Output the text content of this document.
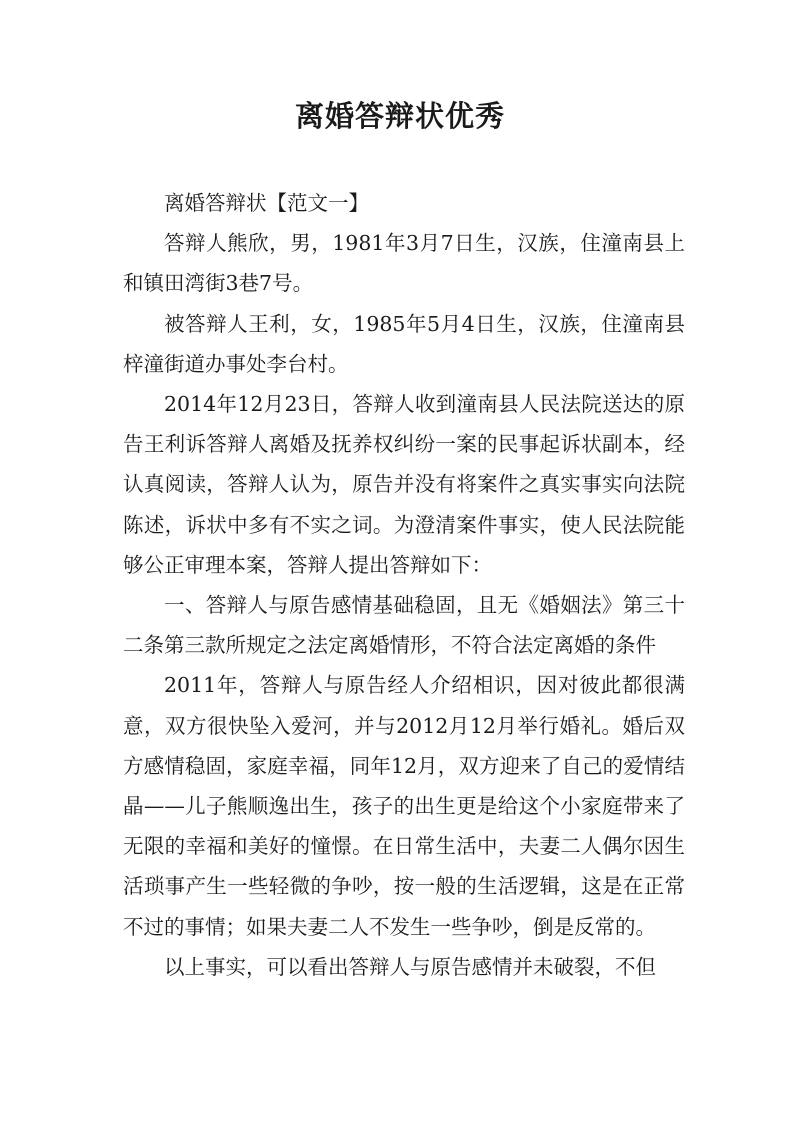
离婚答辩状优秀

离婚答辩状【范文一】

答辩人熊欣，男，1981年3月7日生，汉族，住潼南县上和镇田湾街3巷7号。

被答辩人王利，女，1985年5月4日生，汉族，住潼南县梓潼街道办事处李台村。

2014年12月23日，答辩人收到潼南县人民法院送达的原告王利诉答辩人离婚及抚养权纠纷一案的民事起诉状副本，经认真阅读，答辩人认为，原告并没有将案件之真实事实向法院陈述，诉状中多有不实之词。为澄清案件事实，使人民法院能够公正审理本案，答辩人提出答辩如下：

一、答辩人与原告感情基础稳固，且无《婚姻法》第三十二条第三款所规定之法定离婚情形，不符合法定离婚的条件

2011年，答辩人与原告经人介绍相识，因对彼此都很满意，双方很快坠入爱河，并与2012月12月举行婚礼。婚后双方感情稳固，家庭幸福，同年12月，双方迎来了自己的爱情结晶——儿子熊顺逸出生，孩子的出生更是给这个小家庭带来了无限的幸福和美好的憧憬。在日常生活中，夫妻二人偶尔因生活琐事产生一些轻微的争吵，按一般的生活逻辑，这是在正常不过的事情；如果夫妻二人不发生一些争吵，倒是反常的。

以上事实，可以看出答辩人与原告感情并未破裂，不但
